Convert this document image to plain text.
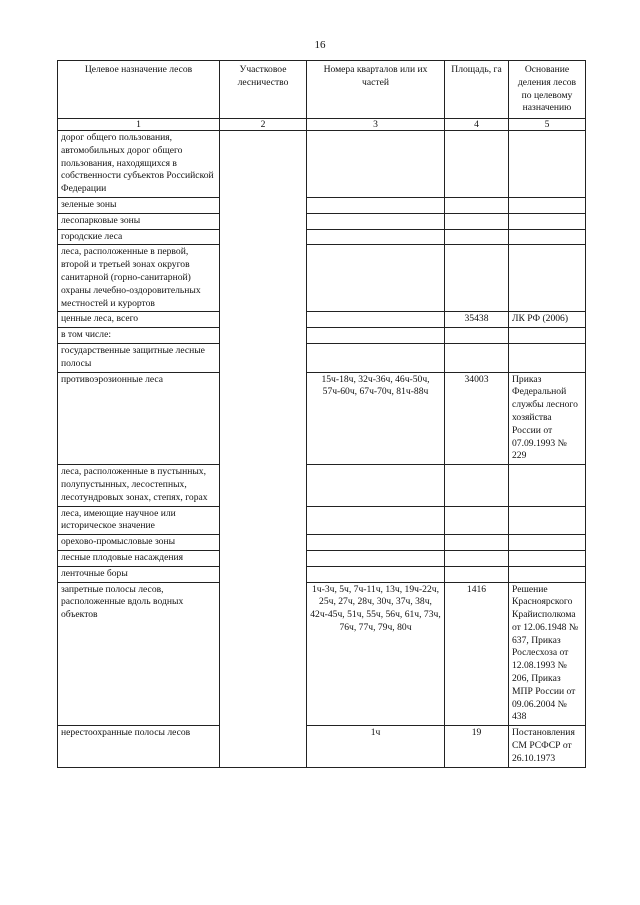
16
Целевое назначение лесов	Участковое лесничество	Номера кварталов или их частей	Площадь, га	Основание деления лесов по целевому назначению
1	2	3	4	5
дорог общего пользования, автомобильных дорог общего пользования, находящихся в собственности субъектов Российской Федерации				
зеленые зоны				
лесопарковые зоны				
городские леса				
леса, расположенные в первой, второй и третьей зонах округов санитарной (горно-санитарной) охраны лечебно-оздоровительных местностей и курортов				
ценные леса, всего			35438	ЛК РФ (2006)
в том числе:				
государственные защитные лесные полосы				
противоэрозионные леса		15ч-18ч, 32ч-36ч, 46ч-50ч, 57ч-60ч, 67ч-70ч, 81ч-88ч	34003	Приказ Федеральной службы лесного хозяйства России от 07.09.1993 № 229
леса, расположенные в пустынных, полупустынных, лесостепных, лесотундровых зонах, степях, горах				
леса, имеющие научное или историческое значение				
орехово-промысловые зоны				
лесные плодовые насаждения				
ленточные боры				
запретные полосы лесов, расположенные вдоль водных объектов		1ч-3ч, 5ч, 7ч-11ч, 13ч, 19ч-22ч, 25ч, 27ч, 28ч, 30ч, 37ч, 38ч, 42ч-45ч, 51ч, 55ч, 56ч, 61ч, 73ч, 76ч, 77ч, 79ч, 80ч	1416	Решение Красноярского Крайисполкома от 12.06.1948 № 637, Приказ Рослесхоза от 12.08.1993 № 206, Приказ МПР России от 09.06.2004 № 438
нерестоохранные полосы лесов		1ч	19	Постановления СМ РСФСР от 26.10.1973
